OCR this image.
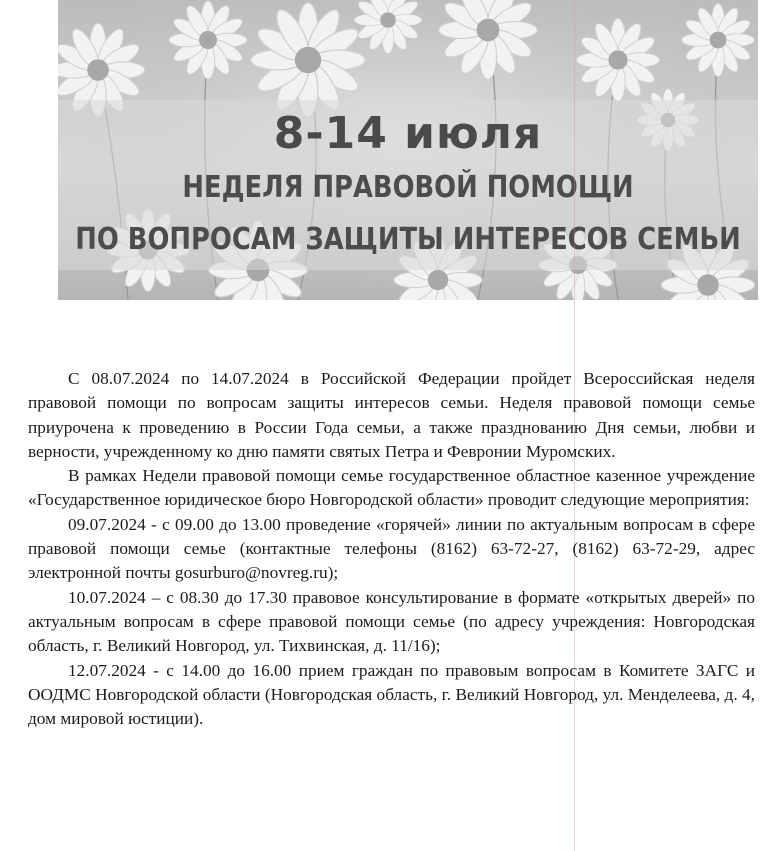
8-14 июля
НЕДЕЛЯ ПРАВОВОЙ ПОМОЩИ
ПО ВОПРОСАМ ЗАЩИТЫ ИНТЕРЕСОВ СЕМЬИ

С 08.07.2024 по 14.07.2024 в Российской Федерации пройдет Всероссийская неделя правовой помощи по вопросам защиты интересов семьи. Неделя правовой помощи семье приурочена к проведению в России Года семьи, а также празднованию Дня семьи, любви и верности, учрежденному ко дню памяти святых Петра и Февронии Муромских.

В рамках Недели правовой помощи семье государственное областное казенное учреждение «Государственное юридическое бюро Новгородской области» проводит следующие мероприятия:

09.07.2024 - с 09.00 до 13.00 проведение «горячей» линии по актуальным вопросам в сфере правовой помощи семье (контактные телефоны (8162) 63-72-27, (8162) 63-72-29, адрес электронной почты gosurburo@novreg.ru);

10.07.2024 – с 08.30 до 17.30 правовое консультирование в формате «открытых дверей» по актуальным вопросам в сфере правовой помощи семье (по адресу учреждения: Новгородская область, г. Великий Новгород, ул. Тихвинская, д. 11/16);

12.07.2024 - с 14.00 до 16.00 прием граждан по правовым вопросам в Комитете ЗАГС и ООДМС Новгородской области (Новгородская область, г. Великий Новгород, ул. Менделеева, д. 4, дом мировой юстиции).
